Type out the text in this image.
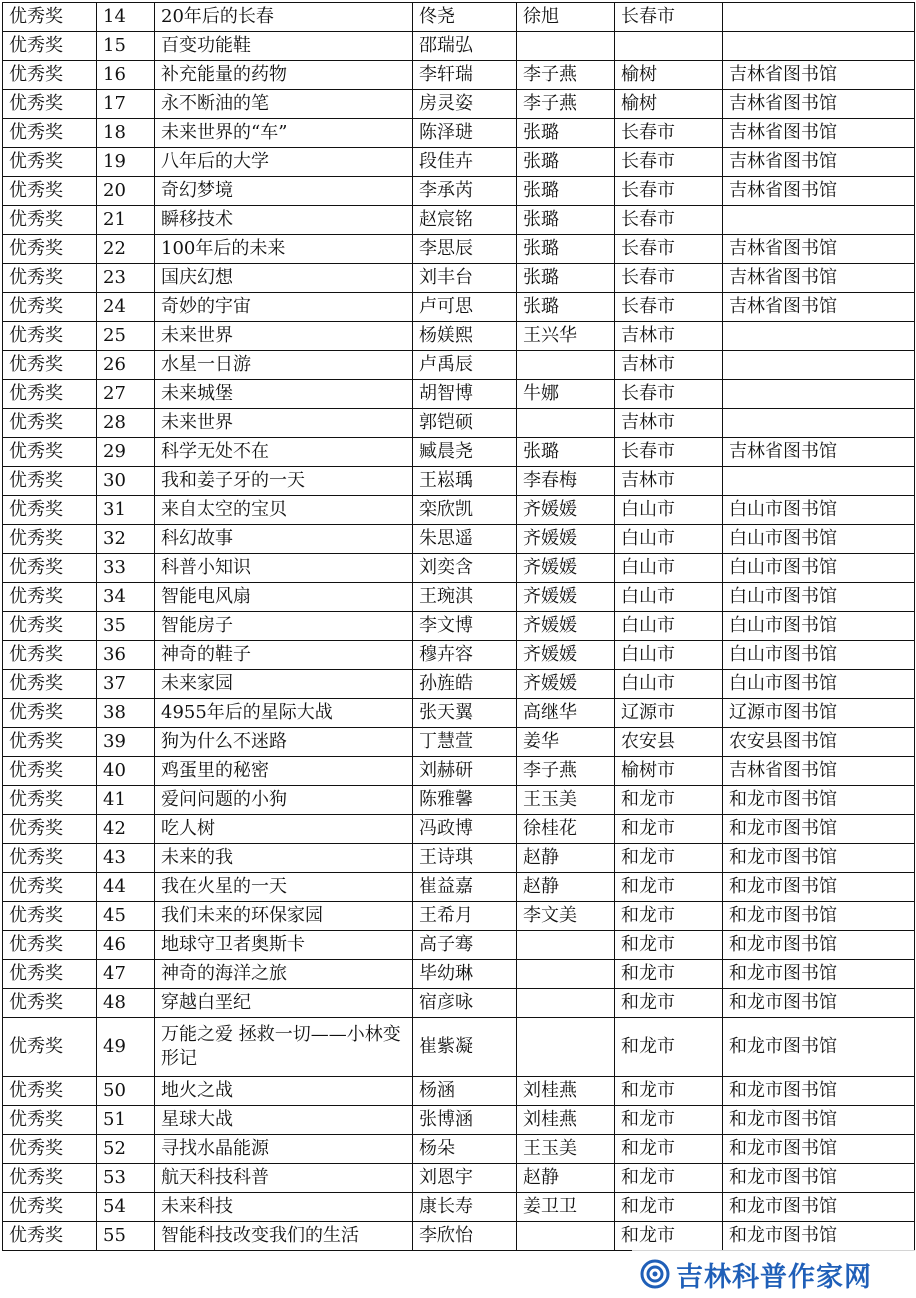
优秀奖	14	20年后的长春	佟尧	徐旭	长春市	
优秀奖	15	百变功能鞋	邵瑞弘			
优秀奖	16	补充能量的药物	李轩瑞	李子燕	榆树	吉林省图书馆
优秀奖	17	永不断油的笔	房灵姿	李子燕	榆树	吉林省图书馆
优秀奖	18	未来世界的“车”	陈泽琎	张璐	长春市	吉林省图书馆
优秀奖	19	八年后的大学	段佳卉	张璐	长春市	吉林省图书馆
优秀奖	20	奇幻梦境	李承芮	张璐	长春市	吉林省图书馆
优秀奖	21	瞬移技术	赵宸铭	张璐	长春市	
优秀奖	22	100年后的未来	李思辰	张璐	长春市	吉林省图书馆
优秀奖	23	国庆幻想	刘丰台	张璐	长春市	吉林省图书馆
优秀奖	24	奇妙的宇宙	卢可思	张璐	长春市	吉林省图书馆
优秀奖	25	未来世界	杨媄熙	王兴华	吉林市	
优秀奖	26	水星一日游	卢禹辰		吉林市	
优秀奖	27	未来城堡	胡智博	牛娜	长春市	
优秀奖	28	未来世界	郭铠硕		吉林市	
优秀奖	29	科学无处不在	臧晨尧	张璐	长春市	吉林省图书馆
优秀奖	30	我和姜子牙的一天	王崧瑀	李春梅	吉林市	
优秀奖	31	来自太空的宝贝	栾欣凯	齐媛媛	白山市	白山市图书馆
优秀奖	32	科幻故事	朱思遥	齐媛媛	白山市	白山市图书馆
优秀奖	33	科普小知识	刘奕含	齐媛媛	白山市	白山市图书馆
优秀奖	34	智能电风扇	王琬淇	齐媛媛	白山市	白山市图书馆
优秀奖	35	智能房子	李文博	齐媛媛	白山市	白山市图书馆
优秀奖	36	神奇的鞋子	穆卉容	齐媛媛	白山市	白山市图书馆
优秀奖	37	未来家园	孙旌皓	齐媛媛	白山市	白山市图书馆
优秀奖	38	4955年后的星际大战	张天翼	高继华	辽源市	辽源市图书馆
优秀奖	39	狗为什么不迷路	丁慧萱	姜华	农安县	农安县图书馆
优秀奖	40	鸡蛋里的秘密	刘赫研	李子燕	榆树市	吉林省图书馆
优秀奖	41	爱问问题的小狗	陈雅馨	王玉美	和龙市	和龙市图书馆
优秀奖	42	吃人树	冯政博	徐桂花	和龙市	和龙市图书馆
优秀奖	43	未来的我	王诗琪	赵静	和龙市	和龙市图书馆
优秀奖	44	我在火星的一天	崔益嘉	赵静	和龙市	和龙市图书馆
优秀奖	45	我们未来的环保家园	王希月	李文美	和龙市	和龙市图书馆
优秀奖	46	地球守卫者奥斯卡	高子骞		和龙市	和龙市图书馆
优秀奖	47	神奇的海洋之旅	毕幼琳		和龙市	和龙市图书馆
优秀奖	48	穿越白垩纪	宿彦咏		和龙市	和龙市图书馆
优秀奖	49	万能之爱 拯救一切——小林变形记	崔紫凝		和龙市	和龙市图书馆
优秀奖	50	地火之战	杨涵	刘桂燕	和龙市	和龙市图书馆
优秀奖	51	星球大战	张博涵	刘桂燕	和龙市	和龙市图书馆
优秀奖	52	寻找水晶能源	杨朵	王玉美	和龙市	和龙市图书馆
优秀奖	53	航天科技科普	刘恩宇	赵静	和龙市	和龙市图书馆
优秀奖	54	未来科技	康长寿	姜卫卫	和龙市	和龙市图书馆
优秀奖	55	智能科技改变我们的生活	李欣怡		和龙市	和龙市图书馆
吉林科普作家网
